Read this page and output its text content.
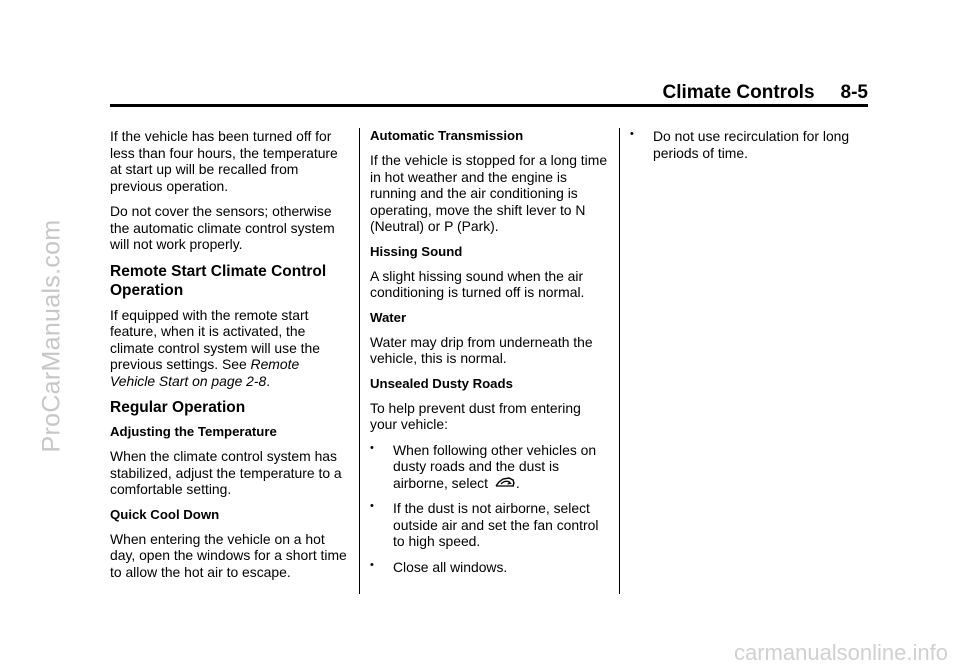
ProCarManuals.com
carmanualsonline.info
Climate Controls 8-5

If the vehicle has been turned off for less than four hours, the temperature at start up will be recalled from previous operation.

Do not cover the sensors; otherwise the automatic climate control system will not work properly.

Remote Start Climate Control Operation

If equipped with the remote start feature, when it is activated, the climate control system will use the previous settings. See Remote Vehicle Start on page 2-8.

Regular Operation
Adjusting the Temperature

When the climate control system has stabilized, adjust the temperature to a comfortable setting.

Quick Cool Down

When entering the vehicle on a hot day, open the windows for a short time to allow the hot air to escape.

Automatic Transmission

If the vehicle is stopped for a long time in hot weather and the engine is running and the air conditioning is operating, move the shift lever to N (Neutral) or P (Park).

Hissing Sound

A slight hissing sound when the air conditioning is turned off is normal.

Water

Water may drip from underneath the vehicle, this is normal.

Unsealed Dusty Roads

To help prevent dust from entering your vehicle:

• When following other vehicles on dusty roads and the dust is airborne, select .
• If the dust is not airborne, select outside air and set the fan control to high speed.
• Close all windows.
• Do not use recirculation for long periods of time.
